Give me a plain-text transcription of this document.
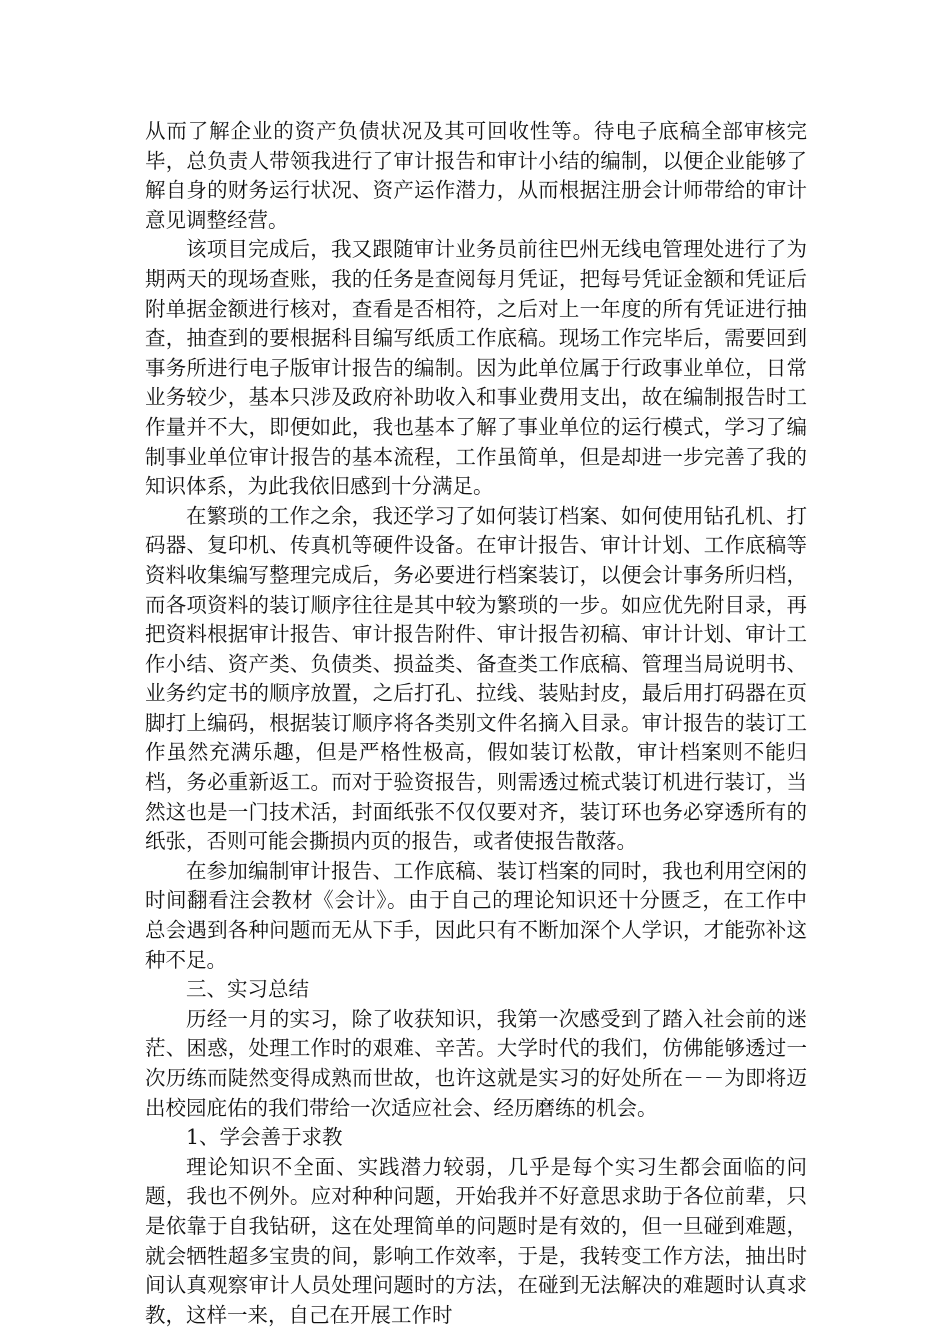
从而了解企业的资产负债状况及其可回收性等。待电子底稿全部审核完毕，总负责人带领我进行了审计报告和审计小结的编制，以便企业能够了解自身的财务运行状况、资产运作潜力，从而根据注册会计师带给的审计意见调整经营。

该项目完成后，我又跟随审计业务员前往巴州无线电管理处进行了为期两天的现场查账，我的任务是查阅每月凭证，把每号凭证金额和凭证后附单据金额进行核对，查看是否相符，之后对上一年度的所有凭证进行抽查，抽查到的要根据科目编写纸质工作底稿。现场工作完毕后，需要回到事务所进行电子版审计报告的编制。因为此单位属于行政事业单位，日常业务较少，基本只涉及政府补助收入和事业费用支出，故在编制报告时工作量并不大，即便如此，我也基本了解了事业单位的运行模式，学习了编制事业单位审计报告的基本流程，工作虽简单，但是却进一步完善了我的知识体系，为此我依旧感到十分满足。

在繁琐的工作之余，我还学习了如何装订档案、如何使用钻孔机、打码器、复印机、传真机等硬件设备。在审计报告、审计计划、工作底稿等资料收集编写整理完成后，务必要进行档案装订，以便会计事务所归档，而各项资料的装订顺序往往是其中较为繁琐的一步。如应优先附目录，再把资料根据审计报告、审计报告附件、审计报告初稿、审计计划、审计工作小结、资产类、负债类、损益类、备查类工作底稿、管理当局说明书、业务约定书的顺序放置，之后打孔、拉线、装贴封皮，最后用打码器在页脚打上编码，根据装订顺序将各类别文件名摘入目录。审计报告的装订工作虽然充满乐趣，但是严格性极高，假如装订松散，审计档案则不能归档，务必重新返工。而对于验资报告，则需透过梳式装订机进行装订，当然这也是一门技术活，封面纸张不仅仅要对齐，装订环也务必穿透所有的纸张，否则可能会撕损内页的报告，或者使报告散落。

在参加编制审计报告、工作底稿、装订档案的同时，我也利用空闲的时间翻看注会教材《会计》。由于自己的理论知识还十分匮乏，在工作中总会遇到各种问题而无从下手，因此只有不断加深个人学识，才能弥补这种不足。

三、实习总结

历经一月的实习，除了收获知识，我第一次感受到了踏入社会前的迷茫、困惑，处理工作时的艰难、辛苦。大学时代的我们，仿佛能够透过一次历练而陡然变得成熟而世故，也许这就是实习的好处所在－－为即将迈出校园庇佑的我们带给一次适应社会、经历磨练的机会。

1、学会善于求教

理论知识不全面、实践潜力较弱，几乎是每个实习生都会面临的问题，我也不例外。应对种种问题，开始我并不好意思求助于各位前辈，只是依靠于自我钻研，这在处理简单的问题时是有效的，但一旦碰到难题，就会牺牲超多宝贵的间，影响工作效率，于是，我转变工作方法，抽出时间认真观察审计人员处理问题时的方法，在碰到无法解决的难题时认真求教，这样一来，自己在开展工作时
